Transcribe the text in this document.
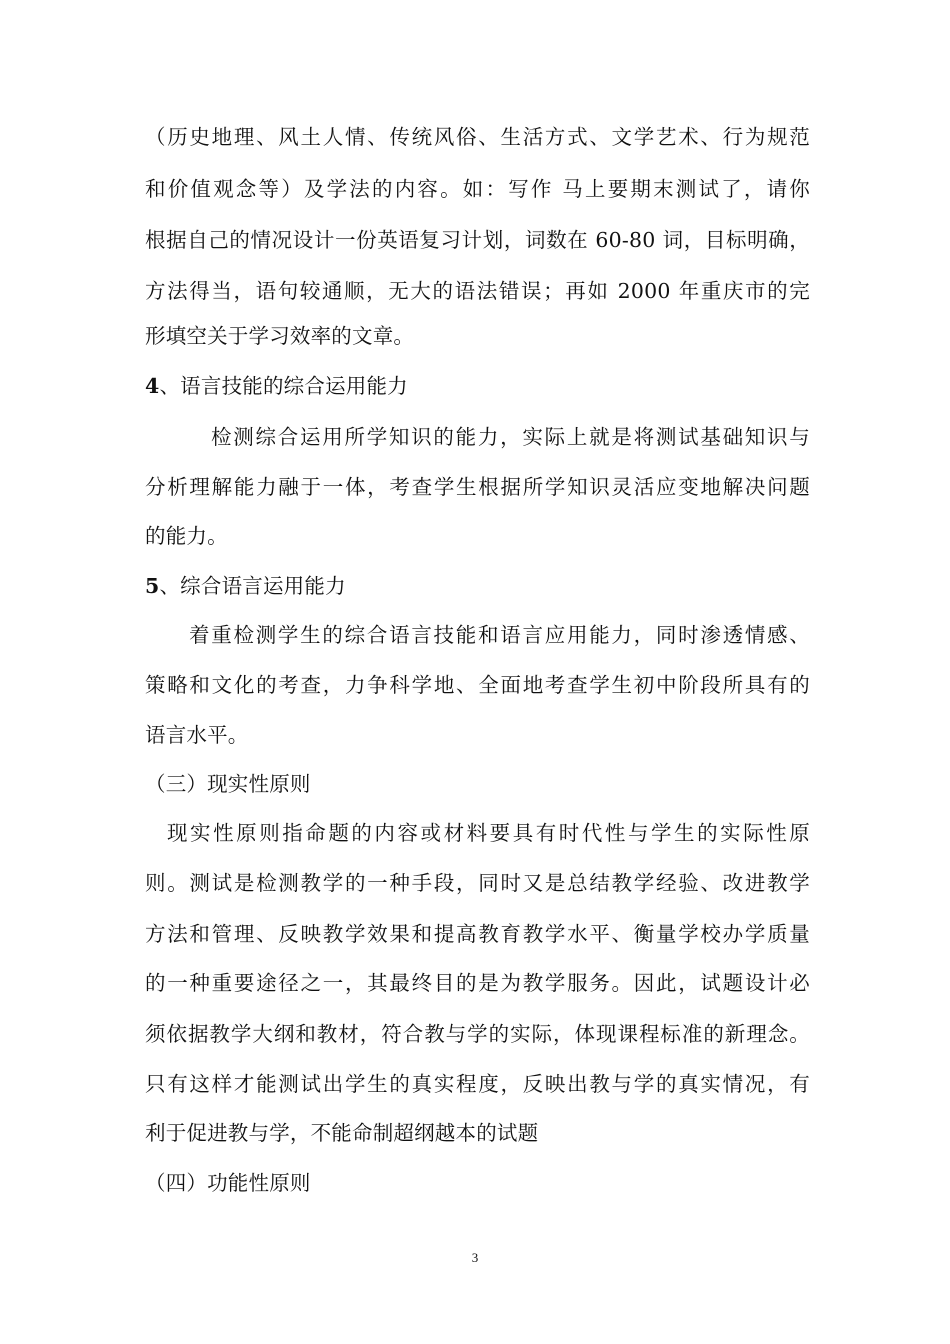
（历史地理、风土人情、传统风俗、生活方式、文学艺术、行为规范
和价值观念等）及学法的内容。如：写作 马上要期末测试了，请你
根据自己的情况设计一份英语复习计划，词数在 60-80 词，目标明确，
方法得当，语句较通顺，无大的语法错误；再如 2000 年重庆市的完
形填空关于学习效率的文章。
4、语言技能的综合运用能力
检测综合运用所学知识的能力，实际上就是将测试基础知识与
分析理解能力融于一体，考查学生根据所学知识灵活应变地解决问题
的能力。
5、综合语言运用能力
着重检测学生的综合语言技能和语言应用能力，同时渗透情感、
策略和文化的考查，力争科学地、全面地考查学生初中阶段所具有的
语言水平。
（三）现实性原则
现实性原则指命题的内容或材料要具有时代性与学生的实际性原
则。测试是检测教学的一种手段，同时又是总结教学经验、改进教学
方法和管理、反映教学效果和提高教育教学水平、衡量学校办学质量
的一种重要途径之一，其最终目的是为教学服务。因此，试题设计必
须依据教学大纲和教材，符合教与学的实际，体现课程标准的新理念。
只有这样才能测试出学生的真实程度，反映出教与学的真实情况，有
利于促进教与学，不能命制超纲越本的试题
（四）功能性原则
3
